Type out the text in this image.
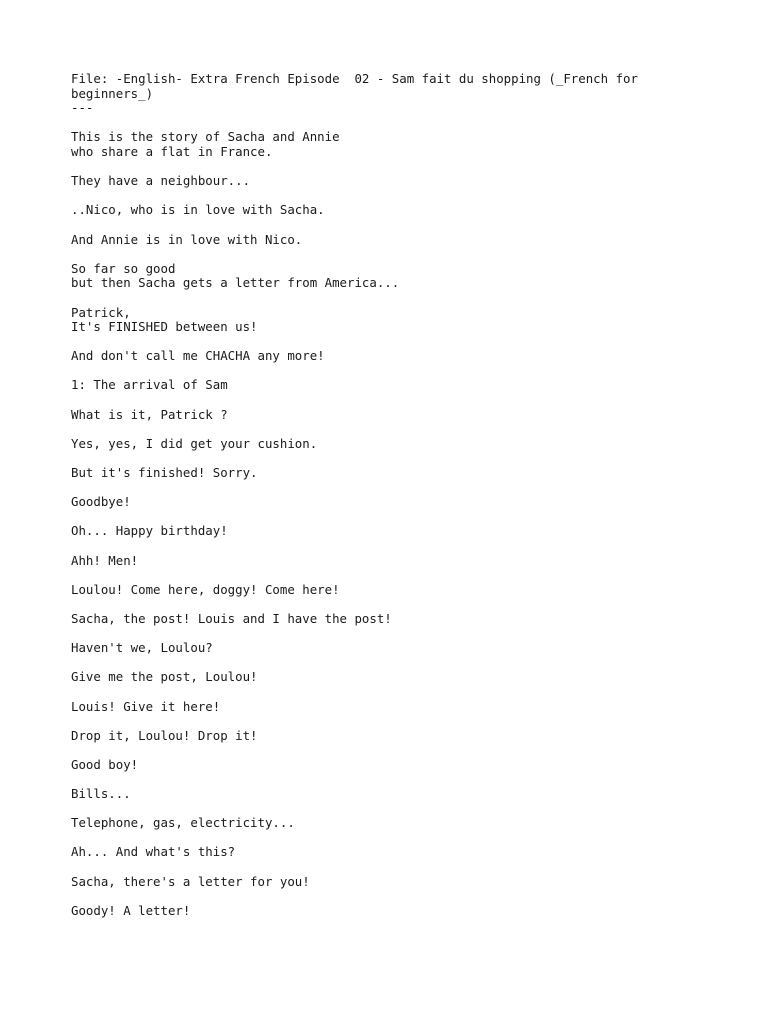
File: -English- Extra French Episode  02 - Sam fait du shopping (_French for
beginners_)
---
This is the story of Sacha and Annie
who share a flat in France.
They have a neighbour...
..Nico, who is in love with Sacha.
And Annie is in love with Nico.
So far so good
but then Sacha gets a letter from America...
Patrick,
It's FINISHED between us!
And don't call me CHACHA any more!
1: The arrival of Sam
What is it, Patrick ?
Yes, yes, I did get your cushion.
But it's finished! Sorry.
Goodbye!
Oh... Happy birthday!
Ahh! Men!
Loulou! Come here, doggy! Come here!
Sacha, the post! Louis and I have the post!
Haven't we, Loulou?
Give me the post, Loulou!
Louis! Give it here!
Drop it, Loulou! Drop it!
Good boy!
Bills...
Telephone, gas, electricity...
Ah... And what's this?
Sacha, there's a letter for you!
Goody! A letter!
